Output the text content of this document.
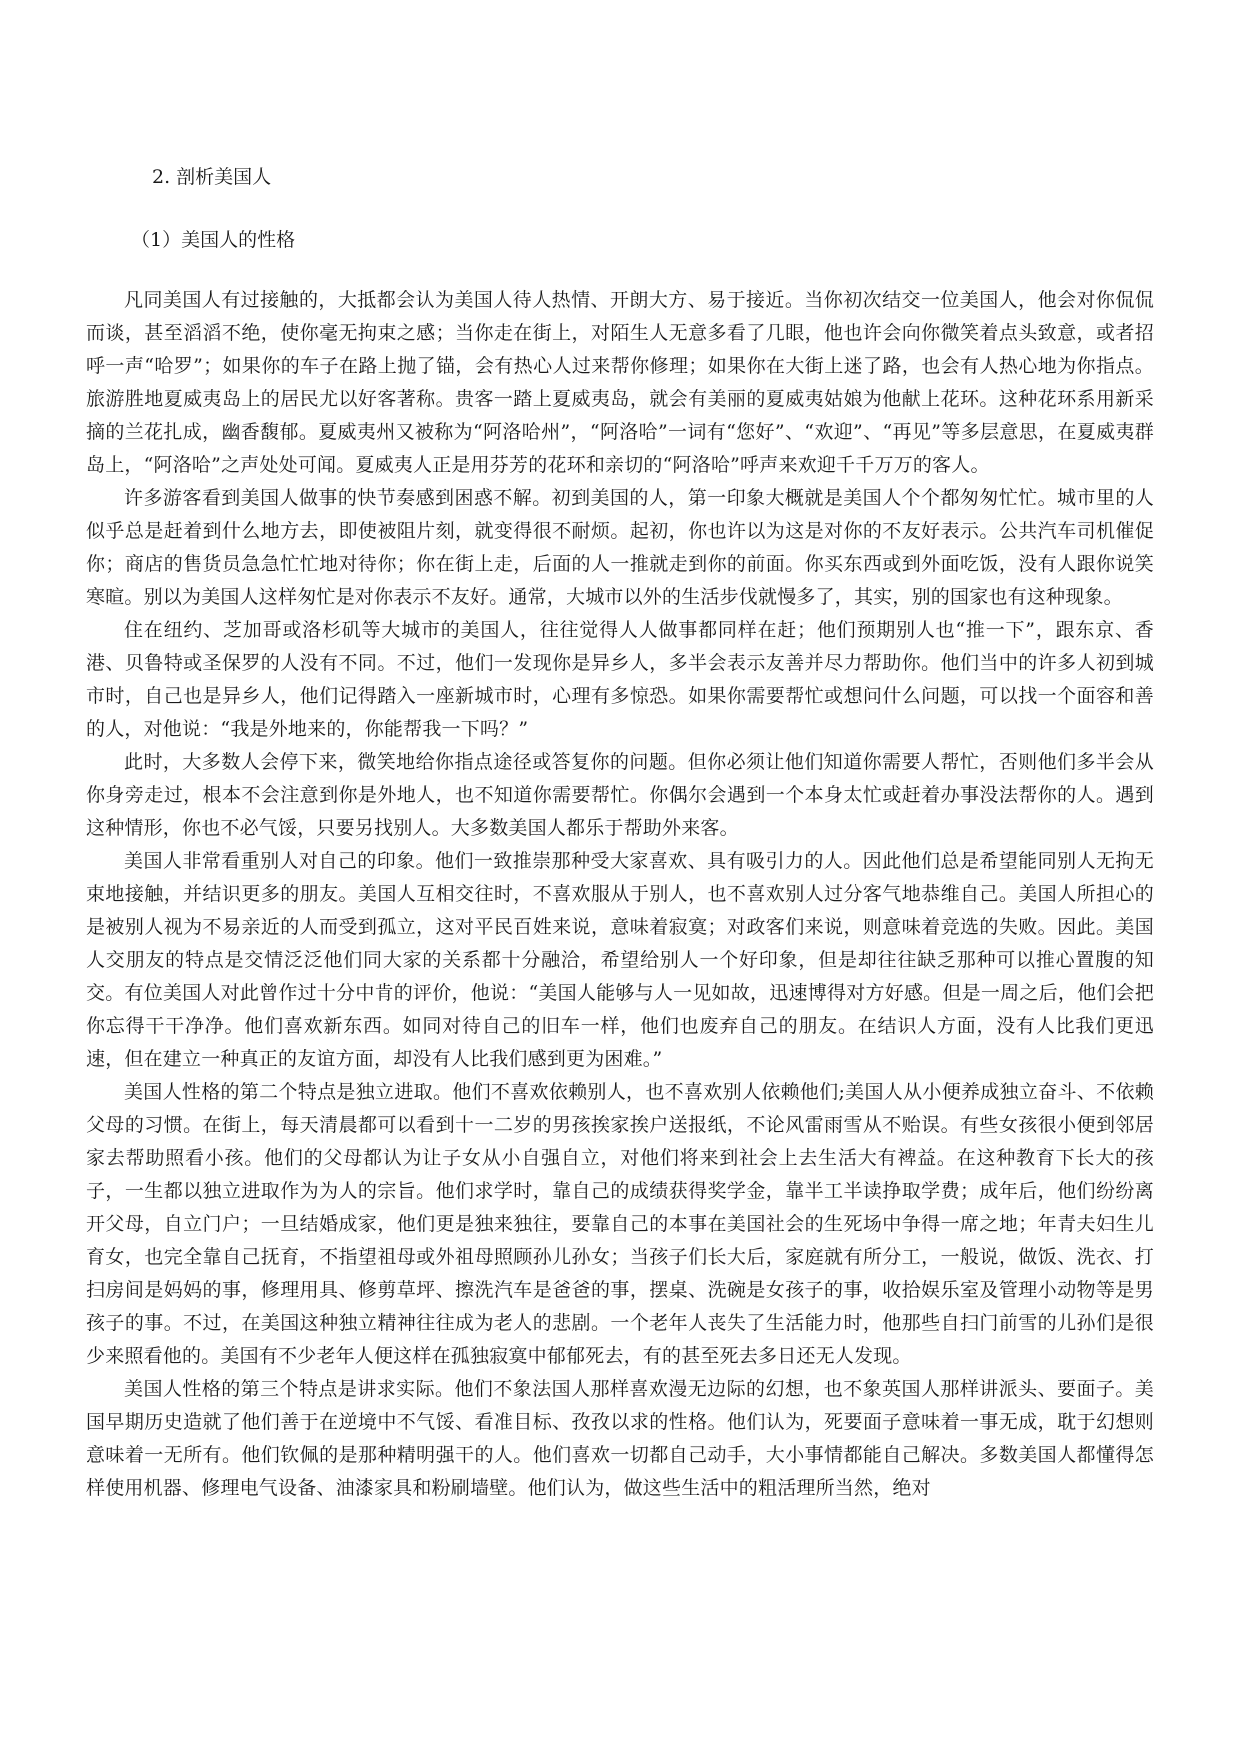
2. 剖析美国人
（1）美国人的性格

凡同美国人有过接触的，大抵都会认为美国人待人热情、开朗大方、易于接近。当你初次结交一位美国人，他会对你侃侃而谈，甚至滔滔不绝，使你毫无拘束之感；当你走在街上，对陌生人无意多看了几眼，他也许会向你微笑着点头致意，或者招呼一声“哈罗”；如果你的车子在路上抛了锚，会有热心人过来帮你修理；如果你在大街上迷了路，也会有人热心地为你指点。旅游胜地夏威夷岛上的居民尤以好客著称。贵客一踏上夏威夷岛，就会有美丽的夏威夷姑娘为他献上花环。这种花环系用新采摘的兰花扎成，幽香馥郁。夏威夷州又被称为“阿洛哈州”，“阿洛哈”一词有“您好”、“欢迎”、“再见”等多层意思，在夏威夷群岛上，“阿洛哈”之声处处可闻。夏威夷人正是用芬芳的花环和亲切的“阿洛哈”呼声来欢迎千千万万的客人。

许多游客看到美国人做事的快节奏感到困惑不解。初到美国的人，第一印象大概就是美国人个个都匆匆忙忙。城市里的人似乎总是赶着到什么地方去，即使被阻片刻，就变得很不耐烦。起初，你也许以为这是对你的不友好表示。公共汽车司机催促你；商店的售货员急急忙忙地对待你；你在街上走，后面的人一推就走到你的前面。你买东西或到外面吃饭，没有人跟你说笑寒暄。别以为美国人这样匆忙是对你表示不友好。通常，大城市以外的生活步伐就慢多了，其实，别的国家也有这种现象。

住在纽约、芝加哥或洛杉矶等大城市的美国人，往往觉得人人做事都同样在赶；他们预期别人也“推一下”，跟东京、香港、贝鲁特或圣保罗的人没有不同。不过，他们一发现你是异乡人，多半会表示友善并尽力帮助你。他们当中的许多人初到城市时，自己也是异乡人，他们记得踏入一座新城市时，心理有多惊恐。如果你需要帮忙或想问什么问题，可以找一个面容和善的人，对他说：“我是外地来的，你能帮我一下吗？”

此时，大多数人会停下来，微笑地给你指点途径或答复你的问题。但你必须让他们知道你需要人帮忙，否则他们多半会从你身旁走过，根本不会注意到你是外地人，也不知道你需要帮忙。你偶尔会遇到一个本身太忙或赶着办事没法帮你的人。遇到这种情形，你也不必气馁，只要另找别人。大多数美国人都乐于帮助外来客。

美国人非常看重别人对自己的印象。他们一致推崇那种受大家喜欢、具有吸引力的人。因此他们总是希望能同别人无拘无束地接触，并结识更多的朋友。美国人互相交往时，不喜欢服从于别人，也不喜欢别人过分客气地恭维自己。美国人所担心的是被别人视为不易亲近的人而受到孤立，这对平民百姓来说，意味着寂寞；对政客们来说，则意味着竞选的失败。因此。美国人交朋友的特点是交情泛泛他们同大家的关系都十分融洽，希望给别人一个好印象，但是却往往缺乏那种可以推心置腹的知交。有位美国人对此曾作过十分中肯的评价，他说：“美国人能够与人一见如故，迅速博得对方好感。但是一周之后，他们会把你忘得干干净净。他们喜欢新东西。如同对待自己的旧车一样，他们也废弃自己的朋友。在结识人方面，没有人比我们更迅速，但在建立一种真正的友谊方面，却没有人比我们感到更为困难。”

美国人性格的第二个特点是独立进取。他们不喜欢依赖别人，也不喜欢别人依赖他们;美国人从小便养成独立奋斗、不依赖父母的习惯。在街上，每天清晨都可以看到十一二岁的男孩挨家挨户送报纸，不论风雷雨雪从不贻误。有些女孩很小便到邻居家去帮助照看小孩。他们的父母都认为让子女从小自强自立，对他们将来到社会上去生活大有裨益。在这种教育下长大的孩子，一生都以独立进取作为为人的宗旨。他们求学时，靠自己的成绩获得奖学金，靠半工半读挣取学费；成年后，他们纷纷离开父母，自立门户；一旦结婚成家，他们更是独来独往，要靠自己的本事在美国社会的生死场中争得一席之地；年青夫妇生儿育女，也完全靠自己抚育，不指望祖母或外祖母照顾孙儿孙女；当孩子们长大后，家庭就有所分工，一般说，做饭、洗衣、打扫房间是妈妈的事，修理用具、修剪草坪、擦洗汽车是爸爸的事，摆桌、洗碗是女孩子的事，收拾娱乐室及管理小动物等是男孩子的事。不过，在美国这种独立精神往往成为老人的悲剧。一个老年人丧失了生活能力时，他那些自扫门前雪的儿孙们是很少来照看他的。美国有不少老年人便这样在孤独寂寞中郁郁死去，有的甚至死去多日还无人发现。

美国人性格的第三个特点是讲求实际。他们不象法国人那样喜欢漫无边际的幻想，也不象英国人那样讲派头、要面子。美国早期历史造就了他们善于在逆境中不气馁、看准目标、孜孜以求的性格。他们认为，死要面子意味着一事无成，耽于幻想则意味着一无所有。他们钦佩的是那种精明强干的人。他们喜欢一切都自己动手，大小事情都能自己解决。多数美国人都懂得怎样使用机器、修理电气设备、油漆家具和粉刷墙壁。他们认为，做这些生活中的粗活理所当然，绝对
